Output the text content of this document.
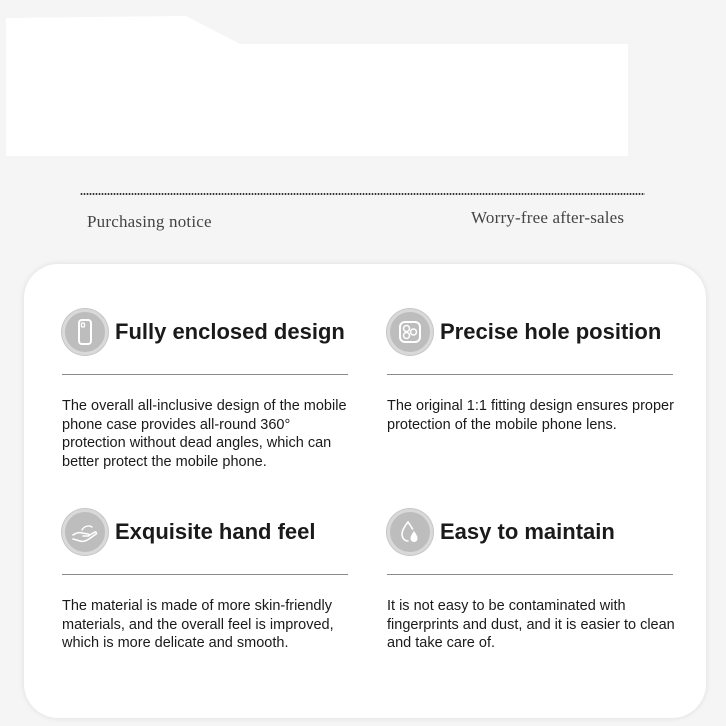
Purchasing notice	Worry-free after-sales
Fully enclosed design
The overall all-inclusive design of the mobile phone case provides all-round 360° protection without dead angles, which can better protect the mobile phone.
Precise hole position
The original 1:1 fitting design ensures proper protection of the mobile phone lens.
Exquisite hand feel
The material is made of more skin-friendly materials, and the overall feel is improved, which is more delicate and smooth.
Easy to maintain
It is not easy to be contaminated with fingerprints and dust, and it is easier to clean and take care of.
